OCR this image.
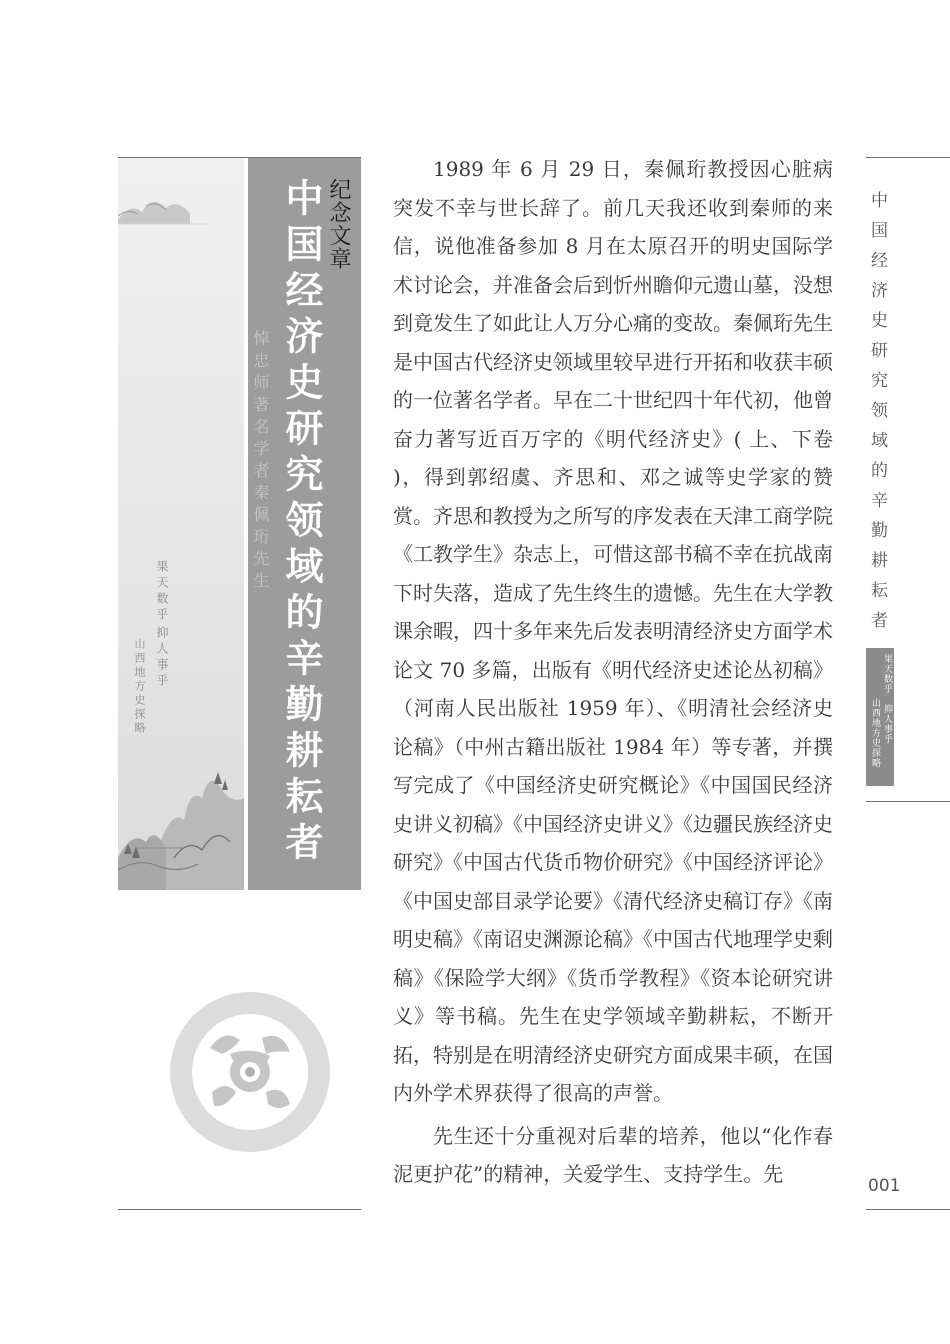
果天数乎
抑人事乎
山西地方史探略
纪念文章
中国经济史研究领域的辛勤耕耘者
悼忠师著名学者秦佩珩先生

1989 年 6 月 29 日，秦佩珩教授因心脏病突发不幸与世长辞了。前几天我还收到秦师的来信，说他准备参加 8 月在太原召开的明史国际学术讨论会，并准备会后到忻州瞻仰元遗山墓，没想到竟发生了如此让人万分心痛的变故。秦佩珩先生是中国古代经济史领域里较早进行开拓和收获丰硕的一位著名学者。早在二十世纪四十年代初，他曾奋力著写近百万字的《明代经济史》( 上、下卷 )，得到郭绍虞、齐思和、邓之诚等史学家的赞赏。齐思和教授为之所写的序发表在天津工商学院《工教学生》杂志上，可惜这部书稿不幸在抗战南下时失落，造成了先生终生的遗憾。先生在大学教课余暇，四十多年来先后发表明清经济史方面学术论文 70 多篇，出版有《明代经济史述论丛初稿》（河南人民出版社 1959 年）、《明清社会经济史论稿》（中州古籍出版社 1984 年）等专著，并撰写完成了《中国经济史研究概论》《中国国民经济史讲义初稿》《中国经济史讲义》《边疆民族经济史研究》《中国古代货币物价研究》《中国经济评论》《中国史部目录学论要》《清代经济史稿订存》《南明史稿》《南诏史渊源论稿》《中国古代地理学史剩稿》《保险学大纲》《货币学教程》《资本论研究讲义》等书稿。先生在史学领域辛勤耕耘，不断开拓，特别是在明清经济史研究方面成果丰硕，在国内外学术界获得了很高的声誉。

先生还十分重视对后辈的培养，他以“化作春泥更护花”的精神，关爱学生、支持学生。先

中国经济史研究领域的辛勤耕耘者
果天数乎
抑人事乎
山西地方史探略
001
